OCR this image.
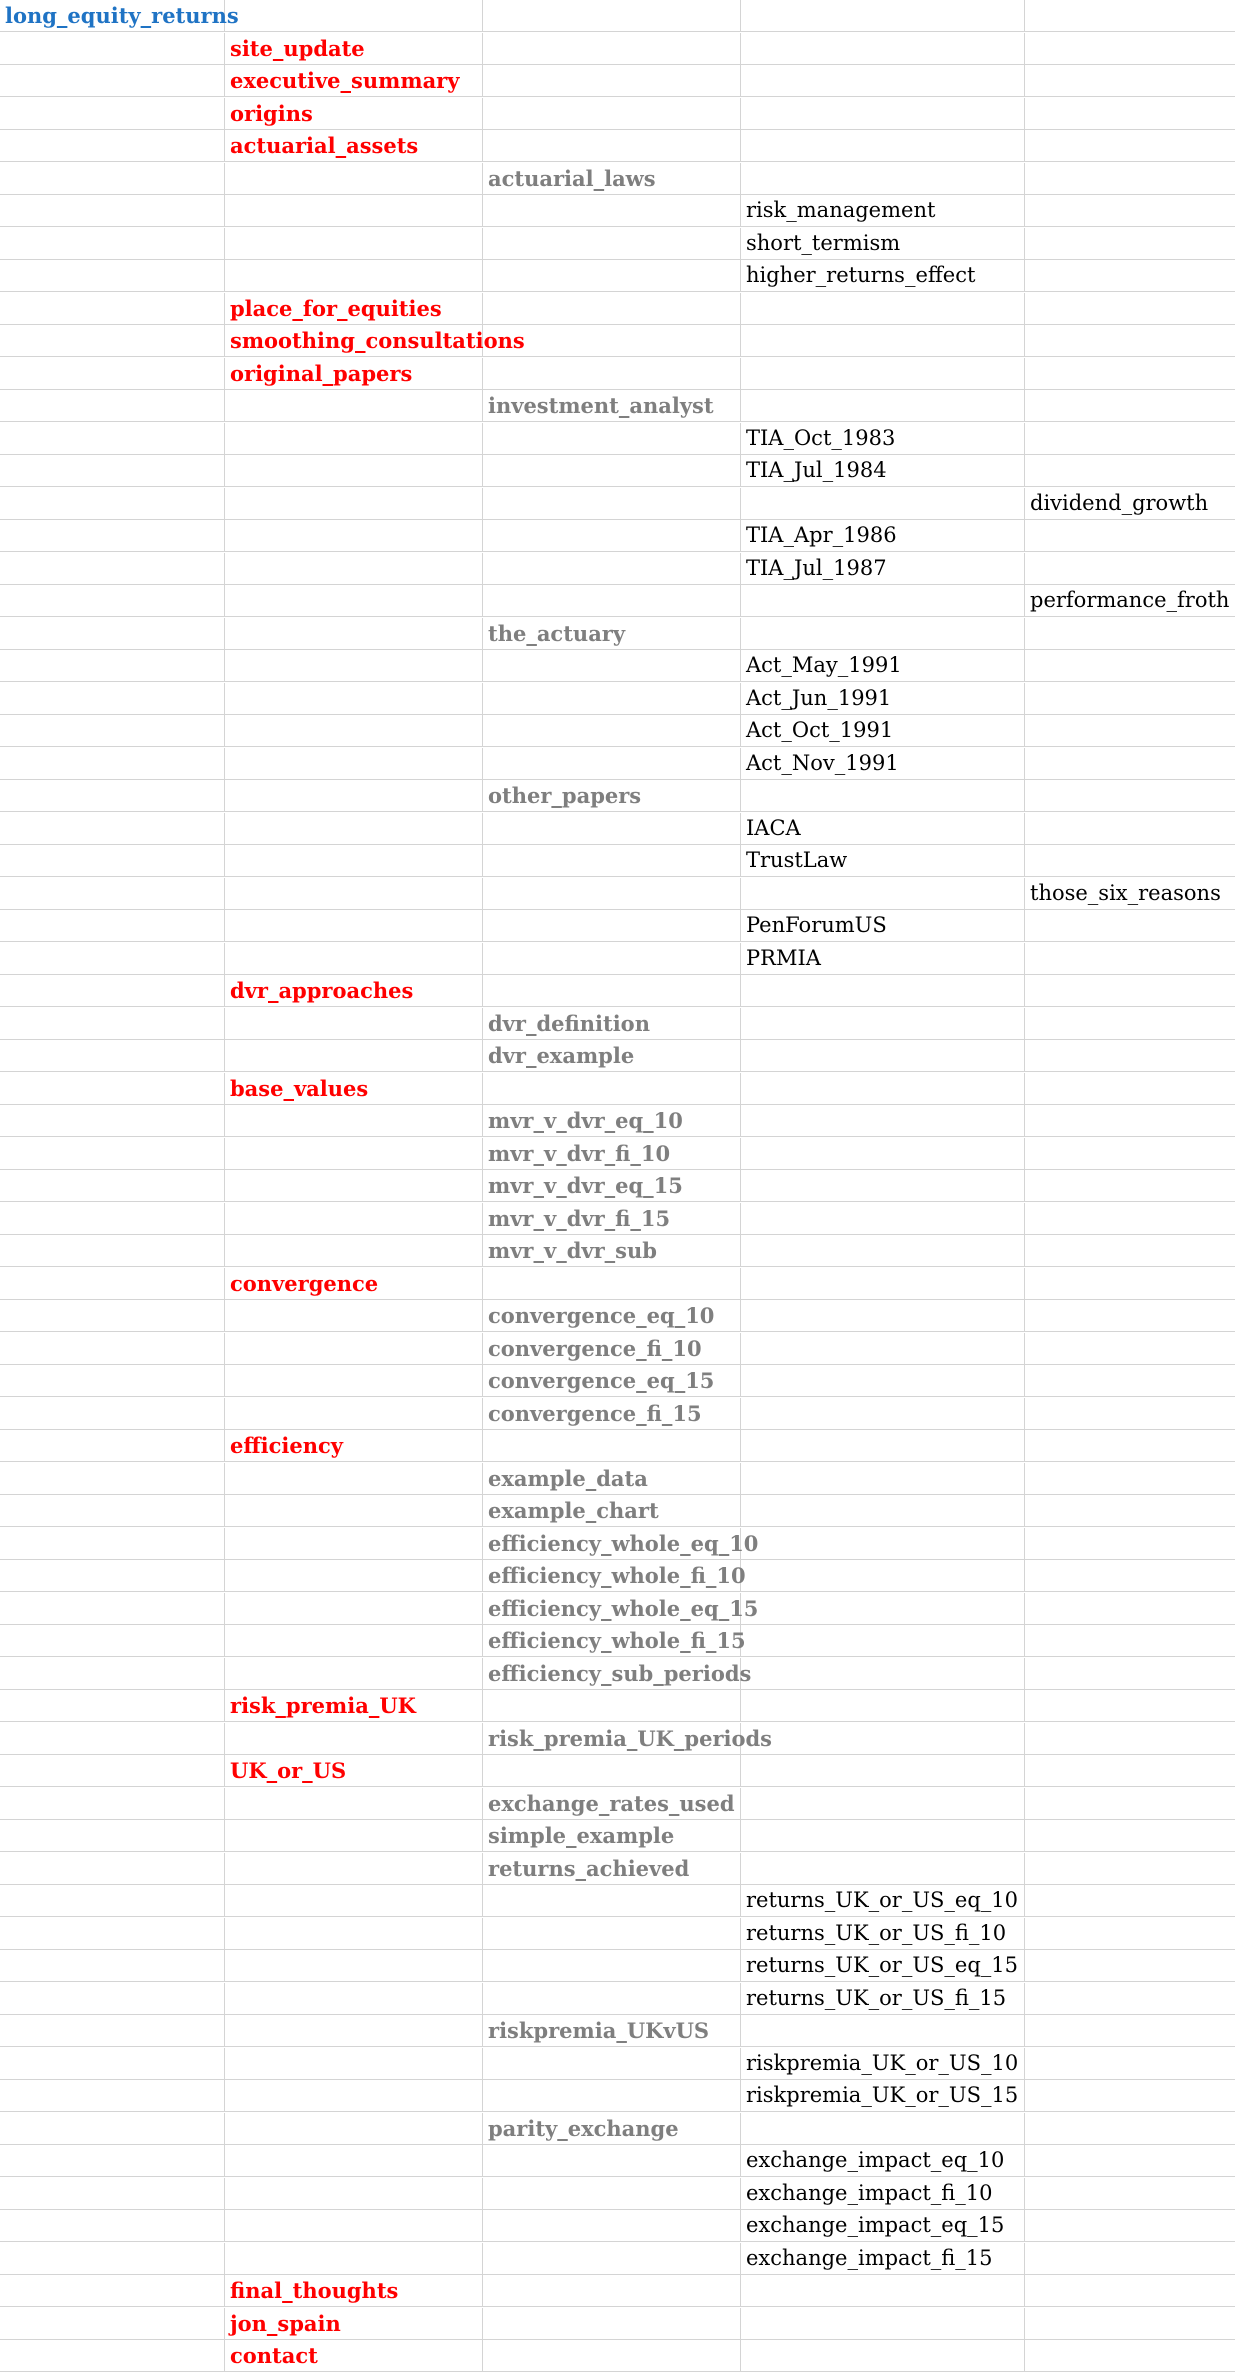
long_equity_returns
site_update
executive_summary
origins
actuarial_assets
actuarial_laws
risk_management
short_termism
higher_returns_effect
place_for_equities
smoothing_consultations
original_papers
investment_analyst
TIA_Oct_1983
TIA_Jul_1984
dividend_growth
TIA_Apr_1986
TIA_Jul_1987
performance_froth
the_actuary
Act_May_1991
Act_Jun_1991
Act_Oct_1991
Act_Nov_1991
other_papers
IACA
TrustLaw
those_six_reasons
PenForumUS
PRMIA
dvr_approaches
dvr_definition
dvr_example
base_values
mvr_v_dvr_eq_10
mvr_v_dvr_fi_10
mvr_v_dvr_eq_15
mvr_v_dvr_fi_15
mvr_v_dvr_sub
convergence
convergence_eq_10
convergence_fi_10
convergence_eq_15
convergence_fi_15
efficiency
example_data
example_chart
efficiency_whole_eq_10
efficiency_whole_fi_10
efficiency_whole_eq_15
efficiency_whole_fi_15
efficiency_sub_periods
risk_premia_UK
risk_premia_UK_periods
UK_or_US
exchange_rates_used
simple_example
returns_achieved
returns_UK_or_US_eq_10
returns_UK_or_US_fi_10
returns_UK_or_US_eq_15
returns_UK_or_US_fi_15
riskpremia_UKvUS
riskpremia_UK_or_US_10
riskpremia_UK_or_US_15
parity_exchange
exchange_impact_eq_10
exchange_impact_fi_10
exchange_impact_eq_15
exchange_impact_fi_15
final_thoughts
jon_spain
contact
